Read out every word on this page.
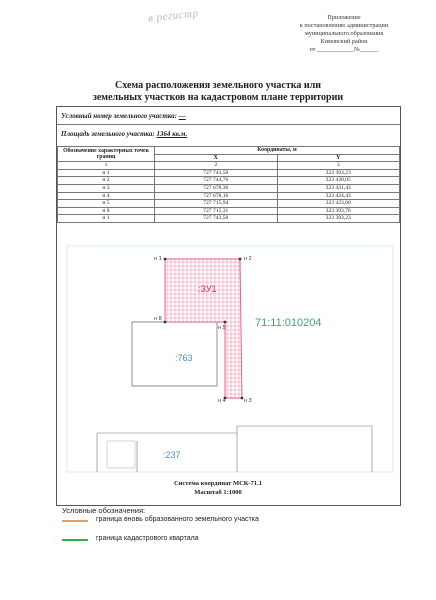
в регистр	Приложение
к постановлению администрации
муниципального образования
Кимовский район
от ____________№______
Схема расположения земельного участка или
земельных участков на кадастровом плане территории
Условный номер земельного участка: —
Площадь земельного участка: 1364 кв.м.
Обозначение характерных точек границ	Координаты, м	
	X	Y
1	2	3
н 1	727 743,50	323 393,23
н 2	727 744,76	323 430,05
н 3	727 678,36	323 431,43
н 4	727 678,16	323 424,43
н 5	727 715,94	323 423,68
н 8	727 715,31	323 393,76
н 1	727 743,50	323 393,23
н 1	н 2
н 8
н 5
н 4	н 3
:ЗУ1
71:11:010204
:763
:237
Система координат МСК-71.1
Масштаб 1:1000
Условные обозначения:
граница вновь образованного земельного участка
граница кадастрового квартала
